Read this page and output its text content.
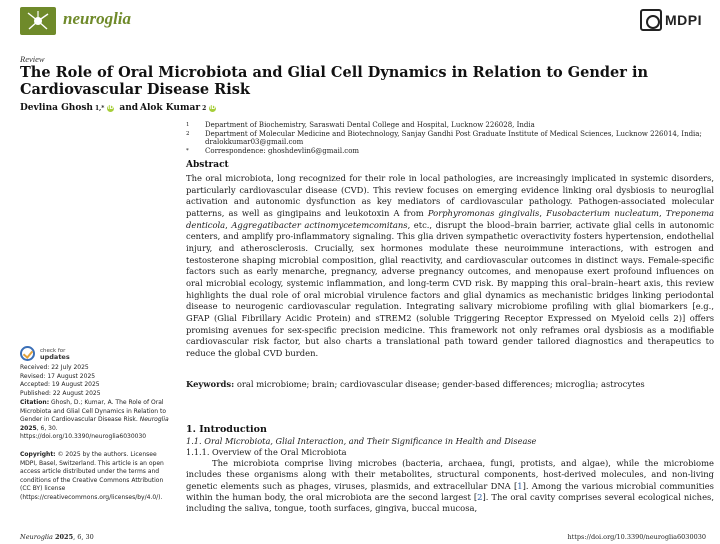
neuroglia	MDPI
Review
The Role of Oral Microbiota and Glial Cell Dynamics in Relation to Gender in Cardiovascular Disease Risk
Devlina Ghosh 1,* iD and Alok Kumar 2 iD
1	Department of Biochemistry, Saraswati Dental College and Hospital, Lucknow 226028, India
2	Department of Molecular Medicine and Biotechnology, Sanjay Gandhi Post Graduate Institute of Medical Sciences, Lucknow 226014, India; dralokkumar03@gmail.com
*	Correspondence: ghoshdevlin6@gmail.com
check for
updates
Received: 22 July 2025
Revised: 17 August 2025
Accepted: 19 August 2025
Published: 22 August 2025
Citation: Ghosh, D.; Kumar, A. The Role of Oral Microbiota and Glial Cell Dynamics in Relation to Gender in Cardiovascular Disease Risk. Neuroglia 2025, 6, 30. https://doi.org/10.3390/neuroglia6030030
Copyright: © 2025 by the authors. Licensee MDPI, Basel, Switzerland. This article is an open access article distributed under the terms and conditions of the Creative Commons Attribution (CC BY) license (https://creativecommons.org/licenses/by/4.0/).
Abstract
The oral microbiota, long recognized for their role in local pathologies, are increasingly implicated in systemic disorders, particularly cardiovascular disease (CVD). This review focuses on emerging evidence linking oral dysbiosis to neuroglial activation and autonomic dysfunction as key mediators of cardiovascular pathology. Pathogen-associated molecular patterns, as well as gingipains and leukotoxin A from Porphyromonas gingivalis, Fusobacterium nucleatum, Treponema denticola, Aggregatibacter actinomycetemcomitans, etc., disrupt the blood–brain barrier, activate glial cells in autonomic centers, and amplify pro-inflammatory signaling. This glia driven sympathetic overactivity fosters hypertension, endothelial injury, and atherosclerosis. Crucially, sex hormones modulate these neuroimmune interactions, with estrogen and testosterone shaping microbial composition, glial reactivity, and cardiovascular outcomes in distinct ways. Female-specific factors such as early menarche, pregnancy, adverse pregnancy outcomes, and menopause exert profound influences on oral microbial ecology, systemic inflammation, and long-term CVD risk. By mapping this oral–brain–heart axis, this review highlights the dual role of oral microbial virulence factors and glial dynamics as mechanistic bridges linking periodontal disease to neurogenic cardiovascular regulation. Integrating salivary microbiome profiling with glial biomarkers [e.g., GFAP (Glial Fibrillary Acidic Protein) and sTREM2 (soluble Triggering Receptor Expressed on Myeloid cells 2)] offers promising avenues for sex-specific precision medicine. This framework not only reframes oral dysbiosis as a modifiable cardiovascular risk factor, but also charts a translational path toward gender tailored diagnostics and therapeutics to reduce the global CVD burden.
Keywords: oral microbiome; brain; cardiovascular disease; gender-based differences; microglia; astrocytes
1. Introduction
1.1. Oral Microbiota, Glial Interaction, and Their Significance in Health and Disease
1.1.1. Overview of the Oral Microbiota
The microbiota comprise living microbes (bacteria, archaea, fungi, protists, and algae), while the microbiome includes these organisms along with their metabolites, structural components, host-derived molecules, and non-living genetic elements such as phages, viruses, plasmids, and extracellular DNA [1]. Among the various microbial communities within the human body, the oral microbiota are the second largest [2]. The oral cavity comprises several ecological niches, including the saliva, tongue, tooth surfaces, gingiva, buccal mucosa,
Neuroglia 2025, 6, 30	https://doi.org/10.3390/neuroglia6030030
